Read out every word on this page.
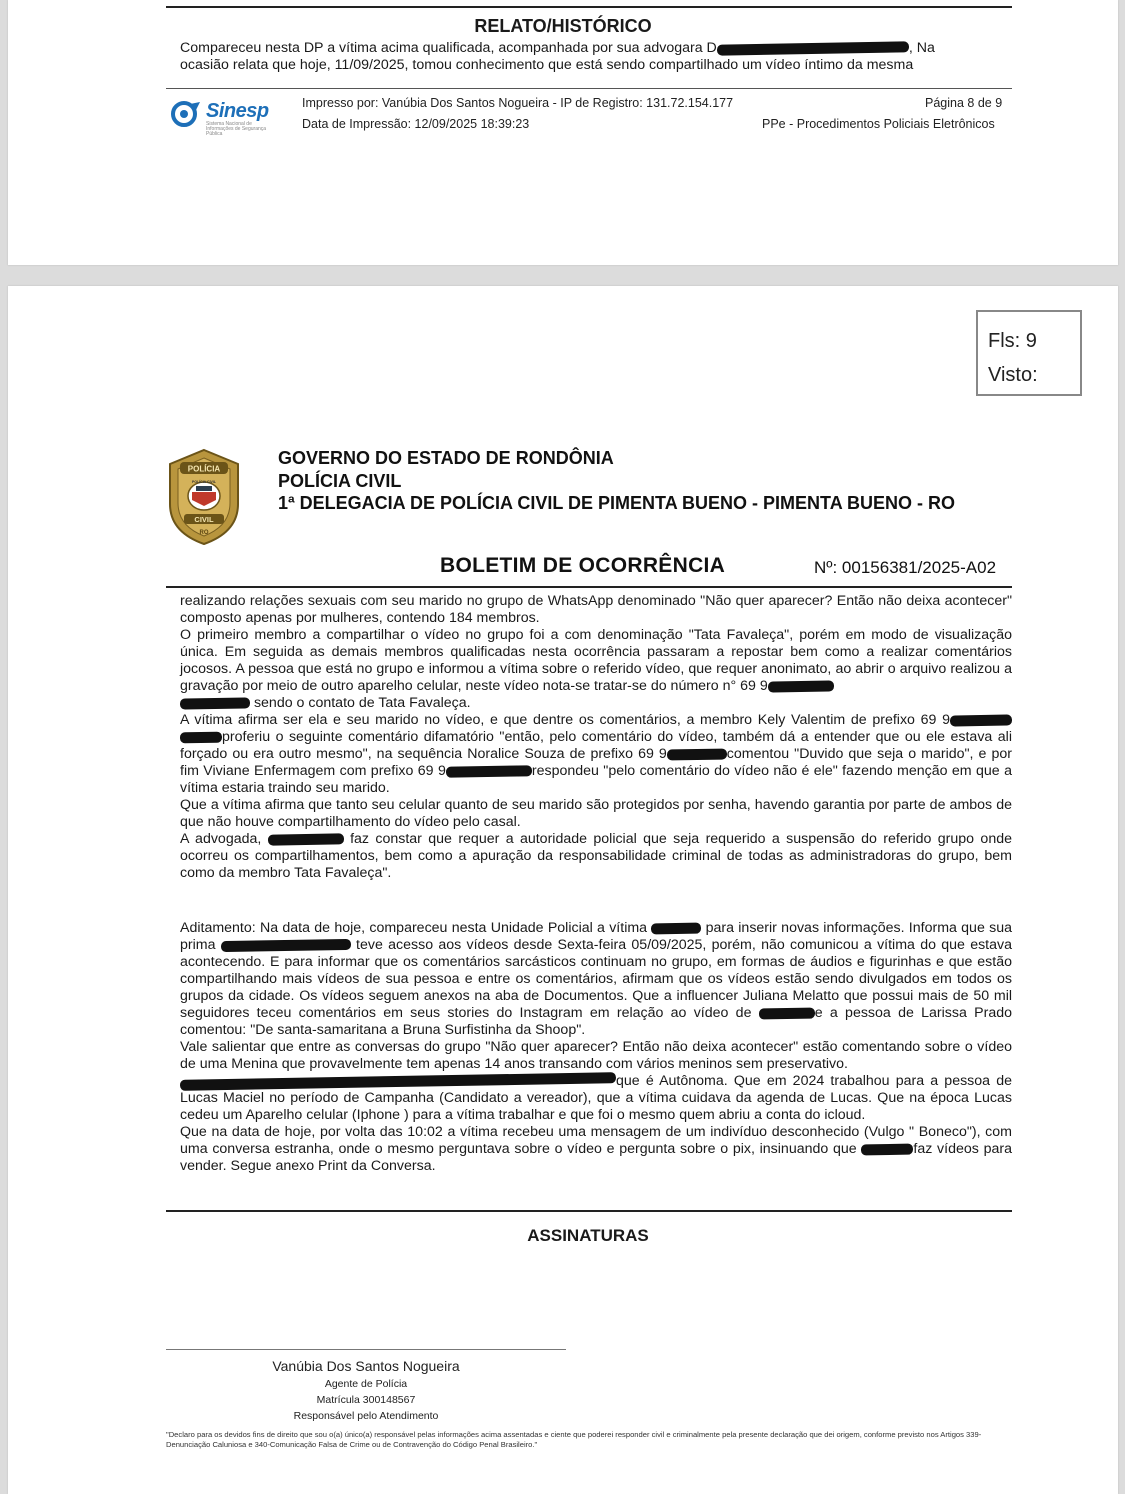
RELATO/HISTÓRICO

Compareceu nesta DP a vítima acima qualificada, acompanhada por sua advogara D	, Na

ocasião relata que hoje, 11/09/2025, tomou conhecimento que está sendo compartilhado um vídeo íntimo da mesma

Sinesp
Sistema Nacional de Informações de Segurança Pública
Impresso por: Vanúbia Dos Santos Nogueira - IP de Registro: 131.72.154.177
Data de Impressão: 12/09/2025 18:39:23
Página 8 de 9
PPe - Procedimentos Policiais Eletrônicos
Fls: 9
Visto:
POLÍCIA
POLÍCIA CIVIL
CIVIL
RO
GOVERNO DO ESTADO DE RONDÔNIA
POLÍCIA CIVIL
1ª DELEGACIA DE POLÍCIA CIVIL DE PIMENTA BUENO - PIMENTA BUENO - RO
BOLETIM DE OCORRÊNCIA	Nº: 00156381/2025-A02

realizando relações sexuais com seu marido no grupo de WhatsApp denominado "Não quer aparecer? Então não deixa acontecer" composto apenas por mulheres, contendo 184 membros.

O primeiro membro a compartilhar o vídeo no grupo foi a com denominação "Tata Favaleça", porém em modo de visualização única. Em seguida as demais membros qualificadas nesta ocorrência passaram a repostar bem como a realizar comentários jocosos. A pessoa que está no grupo e informou a vítima sobre o referido vídeo, que requer anonimato, ao abrir o arquivo realizou a gravação por meio de outro aparelho celular, neste vídeo nota-se tratar-se do número n° 69 9
sendo o contato de Tata Favaleça.

A vítima afirma ser ela e seu marido no vídeo, e que dentre os comentários, a membro Kely Valentim de prefixo 69 9 proferiu o seguinte comentário difamatório "então, pelo comentário do vídeo, também dá a entender que ou ele estava ali forçado ou era outro mesmo", na sequência Noralice Souza de prefixo 69 9	comentou "Duvido que seja o marido", e por fim Viviane Enfermagem com prefixo 69 9	respondeu "pelo comentário do vídeo não é ele" fazendo menção em que a vítima estaria traindo seu marido.

Que a vítima afirma que tanto seu celular quanto de seu marido são protegidos por senha, havendo garantia por parte de ambos de que não houve compartilhamento do vídeo pelo casal.

A advogada,	faz constar que requer a autoridade policial que seja requerido a suspensão do referido grupo onde ocorreu os compartilhamentos, bem como a apuração da responsabilidade criminal de todas as administradoras do grupo, bem como da membro Tata Favaleça".

Aditamento: Na data de hoje, compareceu nesta Unidade Policial a vítima	para inserir novas informações. Informa que sua prima	teve acesso aos vídeos desde Sexta-feira 05/09/2025, porém, não comunicou a vítima do que estava acontecendo. E para informar que os comentários sarcásticos continuam no grupo, em formas de áudios e figurinhas e que estão compartilhando mais vídeos de sua pessoa e entre os comentários, afirmam que os vídeos estão sendo divulgados em todos os grupos da cidade. Os vídeos seguem anexos na aba de Documentos. Que a influencer Juliana Melatto que possui mais de 50 mil seguidores teceu comentários em seus stories do Instagram em relação ao vídeo de	e a pessoa de Larissa Prado comentou: "De santa-samaritana a Bruna Surfistinha da Shoop".

Vale salientar que entre as conversas do grupo "Não quer aparecer? Então não deixa acontecer" estão comentando sobre o vídeo de uma Menina que provavelmente tem apenas 14 anos transando com vários meninos sem preservativo.

que é Autônoma. Que em 2024 trabalhou para a pessoa de Lucas Maciel no período de Campanha (Candidato a vereador), que a vítima cuidava da agenda de Lucas. Que na época Lucas cedeu um Aparelho celular (Iphone ) para a vítima trabalhar e que foi o mesmo quem abriu a conta do icloud.

Que na data de hoje, por volta das 10:02 a vítima recebeu uma mensagem de um indivíduo desconhecido (Vulgo " Boneco"), com uma conversa estranha, onde o mesmo perguntava sobre o vídeo e pergunta sobre o pix, insinuando que	faz vídeos para vender. Segue anexo Print da Conversa.

ASSINATURAS
Vanúbia Dos Santos Nogueira
Agente de Polícia
Matrícula 300148567
Responsável pelo Atendimento
"Declaro para os devidos fins de direito que sou o(a) único(a) responsável pelas informações acima assentadas e ciente que poderei responder civil e criminalmente pela presente declaração que dei origem, conforme previsto nos Artigos 339-Denunciação Caluniosa e 340-Comunicação Falsa de Crime ou de Contravenção do Código Penal Brasileiro."
